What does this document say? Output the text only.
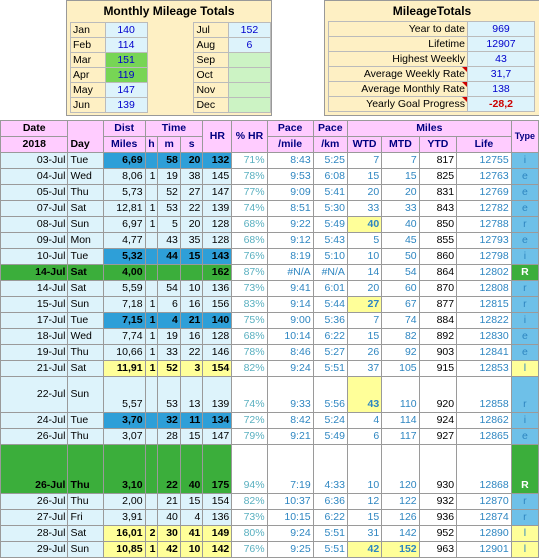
Monthly Mileage Totals
Jan	140		Jul	152
Feb	114		Aug	6
Mar	151		Sep	
Apr	119		Oct	
May	147		Nov	
Jun	139		Dec	
MileageTotals
Year to date	969
Lifetime	12907
Highest Weekly	43
Average Weekly Rate	31,7
Average Monthly Rate	138
Yearly Goal Progress	-28,2
Date	Day	Dist	Time			HR	% HR	Pace	Pace	Miles				Type
2018		Miles	h	m	s			/mile	/km	WTD	MTD	YTD	Life	
03-Jul	Tue	6,69		58	20	132	71%	8:43	5:25	7	7	817	12755	i
04-Jul	Wed	8,06	1	19	38	145	78%	9:53	6:08	15	15	825	12763	e
05-Jul	Thu	5,73		52	27	147	77%	9:09	5:41	20	20	831	12769	e
07-Jul	Sat	12,81	1	53	22	139	74%	8:51	5:30	33	33	843	12782	e
08-Jul	Sun	6,97	1	5	20	128	68%	9:22	5:49	40	40	850	12788	r
09-Jul	Mon	4,77		43	35	128	68%	9:12	5:43	5	45	855	12793	e
10-Jul	Tue	5,32		44	15	143	76%	8:19	5:10	10	50	860	12798	i
14-Jul	Sat	4,00				162	87%	#N/A	#N/A	14	54	864	12802	R
14-Jul	Sat	5,59		54	10	136	73%	9:41	6:01	20	60	870	12808	r
15-Jul	Sun	7,18	1	6	16	156	83%	9:14	5:44	27	67	877	12815	r
17-Jul	Tue	7,15	1	4	21	140	75%	9:00	5:36	7	74	884	12822	i
18-Jul	Wed	7,74	1	19	16	128	68%	10:14	6:22	15	82	892	12830	e
19-Jul	Thu	10,66	1	33	22	146	78%	8:46	5:27	26	92	903	12841	e
21-Jul	Sat	11,91	1	52	3	154	82%	9:24	5:51	37	105	915	12853	l
22-Jul	Sun	5,57		53	13	139	74%	9:33	5:56	43	110	920	12858	r
24-Jul	Tue	3,70		32	11	134	72%	8:42	5:24	4	114	924	12862	i
26-Jul	Thu	3,07		28	15	147	79%	9:21	5:49	6	117	927	12865	e
26-Jul	Thu	3,10		22	40	175	94%	7:19	4:33	10	120	930	12868	R
26-Jul	Thu	2,00		21	15	154	82%	10:37	6:36	12	122	932	12870	r
27-Jul	Fri	3,91		40	4	136	73%	10:15	6:22	15	126	936	12874	r
28-Jul	Sat	16,01	2	30	41	149	80%	9:24	5:51	31	142	952	12890	l
29-Jul	Sun	10,85	1	42	10	142	76%	9:25	5:51	42	152	963	12901	l
